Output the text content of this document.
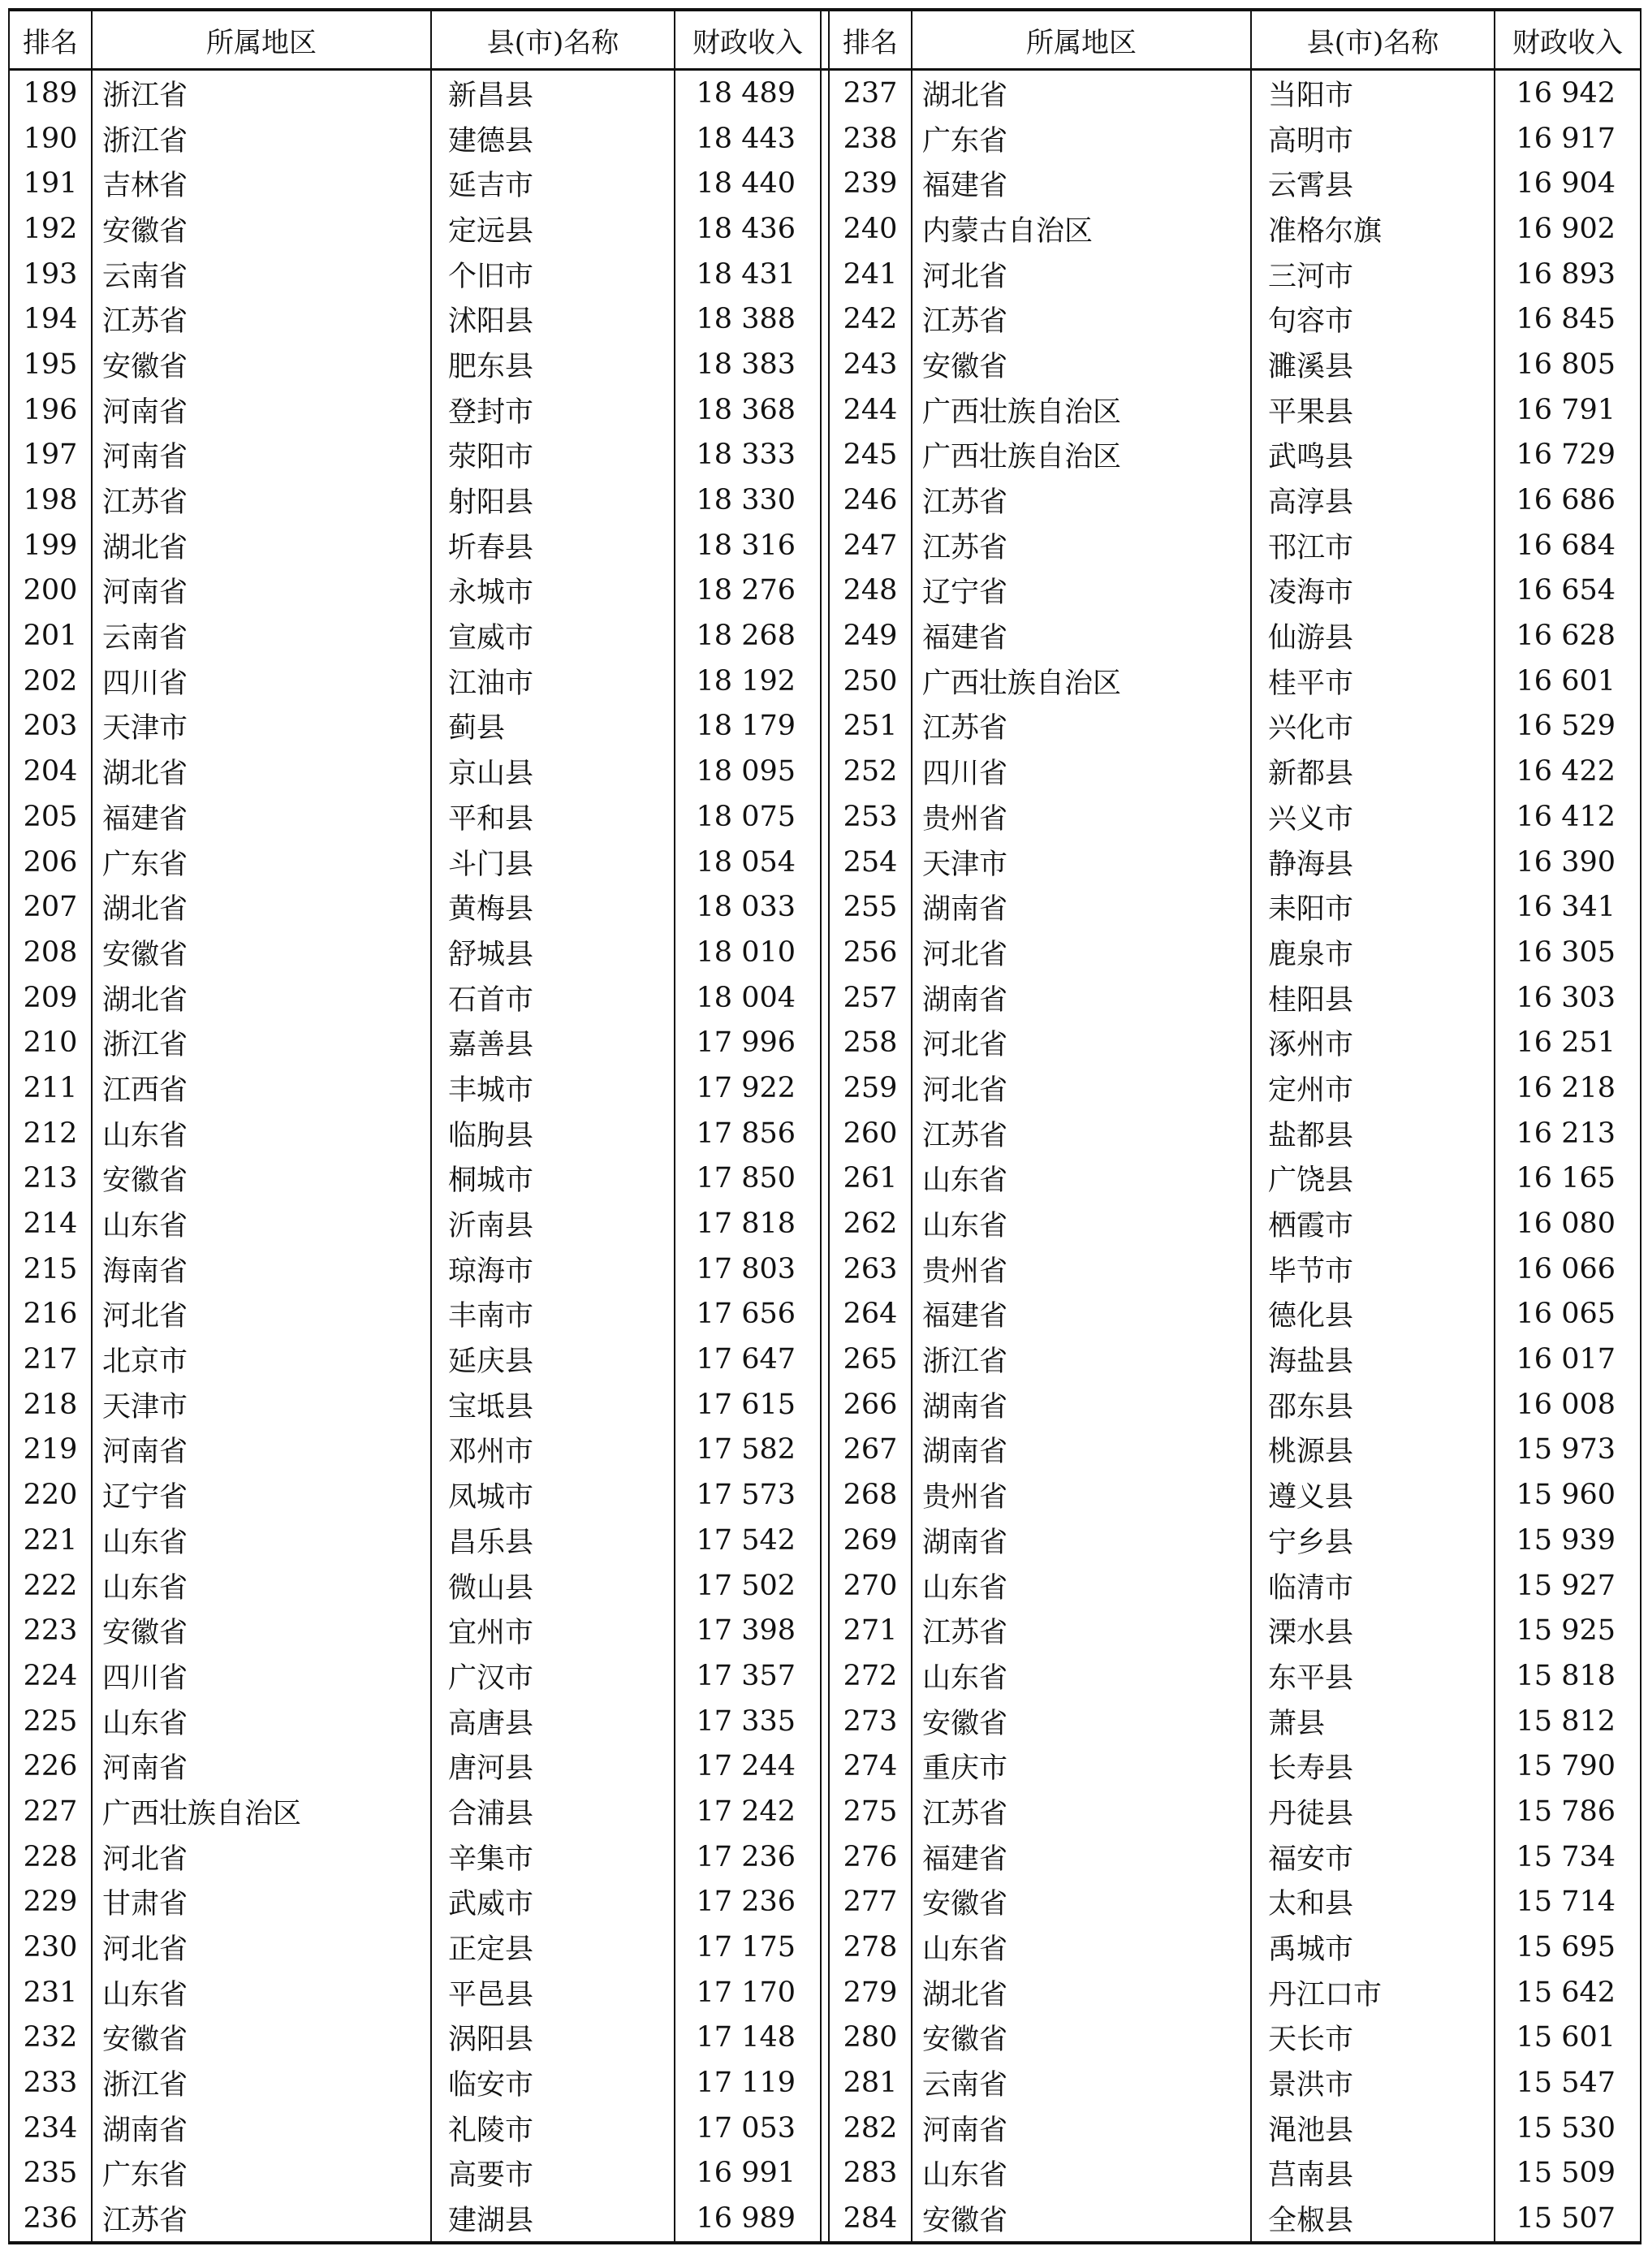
排名	所属地区	县(市)名称	财政收入		排名	所属地区	县(市)名称	财政收入
189	浙江省	新昌县	18 489		237	湖北省	当阳市	16 942
190	浙江省	建德县	18 443		238	广东省	高明市	16 917
191	吉林省	延吉市	18 440		239	福建省	云霄县	16 904
192	安徽省	定远县	18 436		240	内蒙古自治区	准格尔旗	16 902
193	云南省	个旧市	18 431		241	河北省	三河市	16 893
194	江苏省	沭阳县	18 388		242	江苏省	句容市	16 845
195	安徽省	肥东县	18 383		243	安徽省	濉溪县	16 805
196	河南省	登封市	18 368		244	广西壮族自治区	平果县	16 791
197	河南省	荥阳市	18 333		245	广西壮族自治区	武鸣县	16 729
198	江苏省	射阳县	18 330		246	江苏省	高淳县	16 686
199	湖北省	圻春县	18 316		247	江苏省	邗江市	16 684
200	河南省	永城市	18 276		248	辽宁省	凌海市	16 654
201	云南省	宣威市	18 268		249	福建省	仙游县	16 628
202	四川省	江油市	18 192		250	广西壮族自治区	桂平市	16 601
203	天津市	蓟县	18 179		251	江苏省	兴化市	16 529
204	湖北省	京山县	18 095		252	四川省	新都县	16 422
205	福建省	平和县	18 075		253	贵州省	兴义市	16 412
206	广东省	斗门县	18 054		254	天津市	静海县	16 390
207	湖北省	黄梅县	18 033		255	湖南省	耒阳市	16 341
208	安徽省	舒城县	18 010		256	河北省	鹿泉市	16 305
209	湖北省	石首市	18 004		257	湖南省	桂阳县	16 303
210	浙江省	嘉善县	17 996		258	河北省	涿州市	16 251
211	江西省	丰城市	17 922		259	河北省	定州市	16 218
212	山东省	临朐县	17 856		260	江苏省	盐都县	16 213
213	安徽省	桐城市	17 850		261	山东省	广饶县	16 165
214	山东省	沂南县	17 818		262	山东省	栖霞市	16 080
215	海南省	琼海市	17 803		263	贵州省	毕节市	16 066
216	河北省	丰南市	17 656		264	福建省	德化县	16 065
217	北京市	延庆县	17 647		265	浙江省	海盐县	16 017
218	天津市	宝坻县	17 615		266	湖南省	邵东县	16 008
219	河南省	邓州市	17 582		267	湖南省	桃源县	15 973
220	辽宁省	凤城市	17 573		268	贵州省	遵义县	15 960
221	山东省	昌乐县	17 542		269	湖南省	宁乡县	15 939
222	山东省	微山县	17 502		270	山东省	临清市	15 927
223	安徽省	宜州市	17 398		271	江苏省	溧水县	15 925
224	四川省	广汉市	17 357		272	山东省	东平县	15 818
225	山东省	高唐县	17 335		273	安徽省	萧县	15 812
226	河南省	唐河县	17 244		274	重庆市	长寿县	15 790
227	广西壮族自治区	合浦县	17 242		275	江苏省	丹徒县	15 786
228	河北省	辛集市	17 236		276	福建省	福安市	15 734
229	甘肃省	武威市	17 236		277	安徽省	太和县	15 714
230	河北省	正定县	17 175		278	山东省	禹城市	15 695
231	山东省	平邑县	17 170		279	湖北省	丹江口市	15 642
232	安徽省	涡阳县	17 148		280	安徽省	天长市	15 601
233	浙江省	临安市	17 119		281	云南省	景洪市	15 547
234	湖南省	礼陵市	17 053		282	河南省	渑池县	15 530
235	广东省	高要市	16 991		283	山东省	莒南县	15 509
236	江苏省	建湖县	16 989		284	安徽省	全椒县	15 507
